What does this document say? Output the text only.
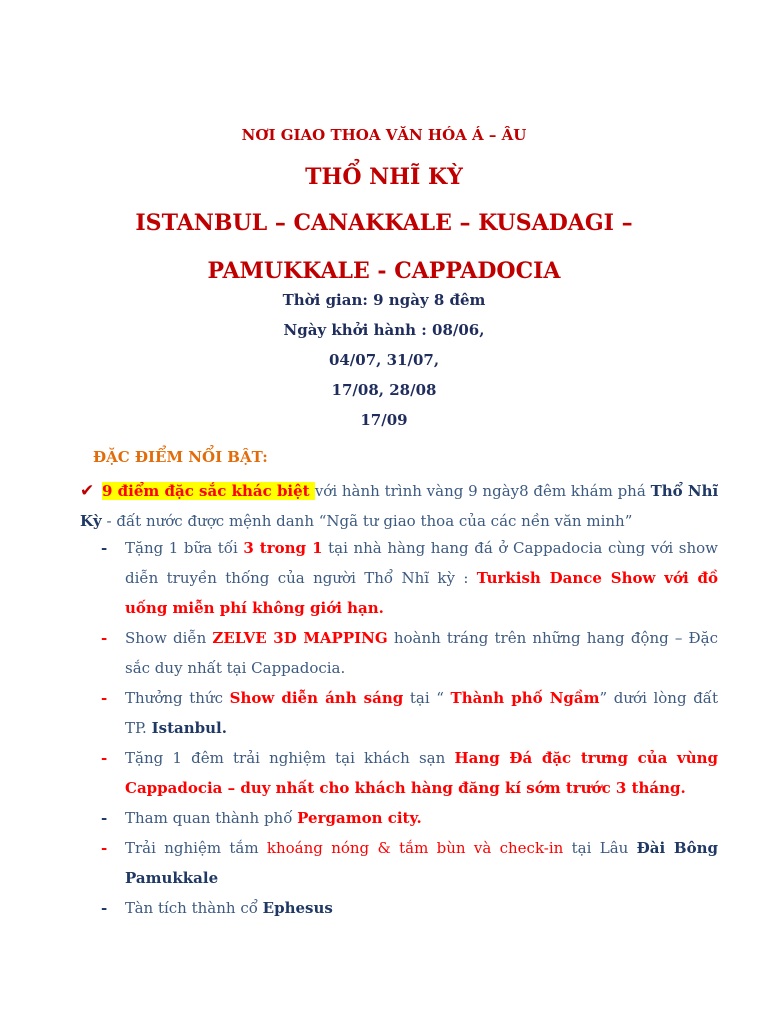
NƠI GIAO THOA VĂN HÓA Á – ÂU
THỔ NHĨ KỲ
ISTANBUL – CANAKKALE – KUSADAGI –
PAMUKKALE - CAPPADOCIA
Thời gian: 9 ngày 8 đêm
Ngày khởi hành : 08/06,
04/07, 31/07,
17/08, 28/08
17/09
ĐẶC ĐIỂM NỔI BẬT:
✔ 9 điểm đặc sắc khác biệt với hành trình vàng 9 ngày8 đêm khám phá Thổ Nhĩ Kỳ - đất nước được mệnh danh “Ngã tư giao thoa của các nền văn minh”
- Tặng 1 bữa tối 3 trong 1 tại nhà hàng hang đá ở Cappadocia cùng với show diễn truyền thống của người Thổ Nhĩ kỳ : Turkish Dance Show với đồ uống miễn phí không giới hạn.
- Show diễn ZELVE 3D MAPPING hoành tráng trên những hang động – Đặc sắc duy nhất tại Cappadocia.
- Thưởng thức Show diễn ánh sáng tại “ Thành phố Ngầm” dưới lòng đất TP. Istanbul.
- Tặng 1 đêm trải nghiệm tại khách sạn Hang Đá đặc trưng của vùng Cappadocia – duy nhất cho khách hàng đăng kí sớm trước 3 tháng.
- Tham quan thành phố Pergamon city.
- Trải nghiệm tắm khoáng nóng & tắm bùn và check-in tại Lâu Đài Bông Pamukkale
- Tàn tích thành cổ Ephesus
